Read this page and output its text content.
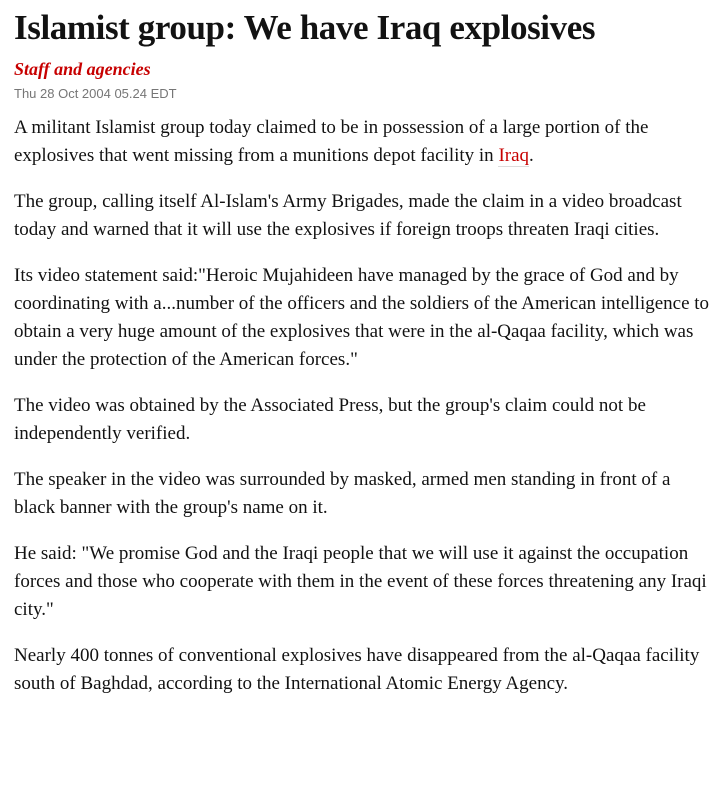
Islamist group: We have Iraq explosives
Staff and agencies
Thu 28 Oct 2004 05.24 EDT

A militant Islamist group today claimed to be in possession of a large portion of the explosives that went missing from a munitions depot facility in Iraq.

The group, calling itself Al-Islam's Army Brigades, made the claim in a video broadcast today and warned that it will use the explosives if foreign troops threaten Iraqi cities.

Its video statement said:"Heroic Mujahideen have managed by the grace of God and by coordinating with a...number of the officers and the soldiers of the American intelligence to obtain a very huge amount of the explosives that were in the al-Qaqaa facility, which was under the protection of the American forces."

The video was obtained by the Associated Press, but the group's claim could not be independently verified.

The speaker in the video was surrounded by masked, armed men standing in front of a black banner with the group's name on it.

He said: "We promise God and the Iraqi people that we will use it against the occupation forces and those who cooperate with them in the event of these forces threatening any Iraqi city."

Nearly 400 tonnes of conventional explosives have disappeared from the al-Qaqaa facility south of Baghdad, according to the International Atomic Energy Agency.
